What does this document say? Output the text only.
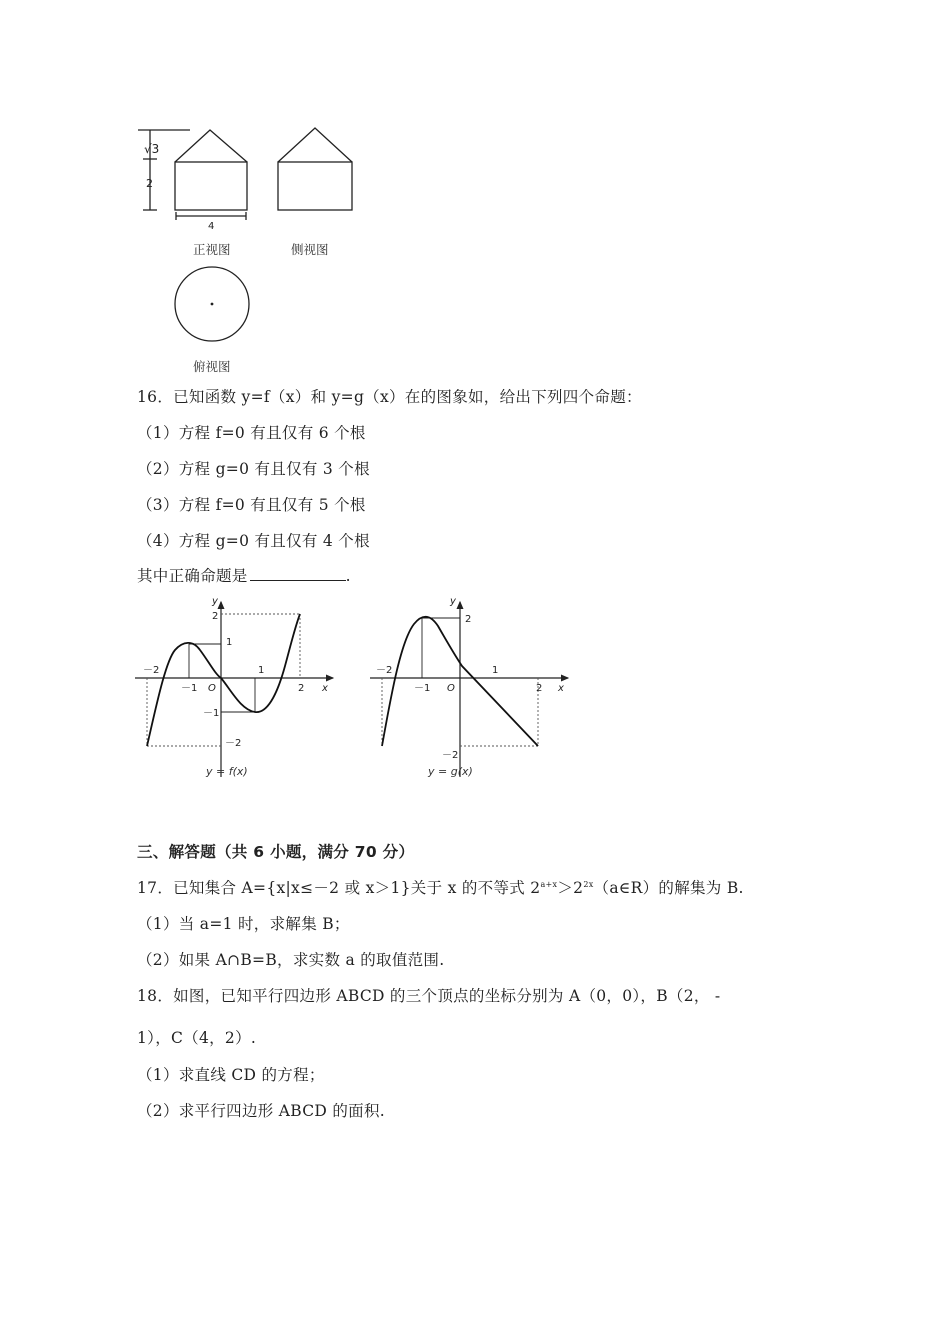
√3
2
4
正视图	侧视图
俯视图
16．已知函数 y=f（x）和 y=g（x）在的图象如，给出下列四个命题：
（1）方程 f=0 有且仅有 6 个根
（2）方程 g=0 有且仅有 3 个根
（3）方程 f=0 有且仅有 5 个根
（4）方程 g=0 有且仅有 4 个根
其中正确命题是	.
－2
－1 O
1
2 x
y
2
1
－1
－2
y = f(x)
－2
－1 O
1
2 x
y
2
－2
y = g(x)
三、解答题（共 6 小题，满分 70 分）
17．已知集合 A={x|x≤－2 或 x＞1}关于 x 的不等式 $2^{a+x}>2^{2x}(a\in R)$的解集为 B.
（1）当 a=1 时，求解集 B；
（2）如果 A∩B=B，求实数 a 的取值范围.
18．如图，已知平行四边形 ABCD 的三个顶点的坐标分别为 A（0，0），B（2， -
1），C（4，2）.
（1）求直线 CD 的方程；
（2）求平行四边形 ABCD 的面积.
